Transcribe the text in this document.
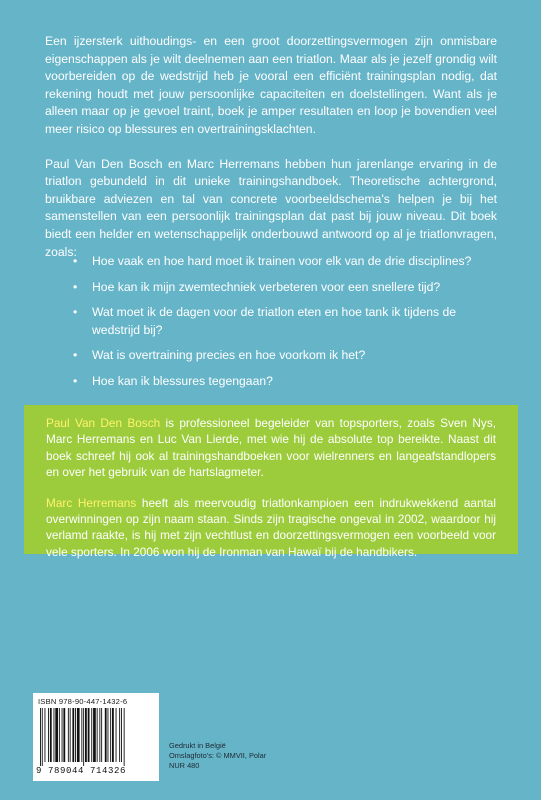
Een ijzersterk uithoudings- en een groot doorzettingsvermogen zijn onmisbare eigenschappen als je wilt deelnemen aan een triatlon. Maar als je jezelf grondig wilt voorbereiden op de wedstrijd heb je vooral een efficiënt trainingsplan nodig, dat rekening houdt met jouw persoonlijke capaciteiten en doelstellingen. Want als je alleen maar op je gevoel traint, boek je amper resultaten en loop je bovendien veel meer risico op blessures en overtrainingsklachten.

Paul Van Den Bosch en Marc Herremans hebben hun jarenlange ervaring in de triatlon gebundeld in dit unieke trainingshandboek. Theoretische achtergrond, bruikbare adviezen en tal van concrete voorbeeldschema's helpen je bij het samenstellen van een persoonlijk trainingsplan dat past bij jouw niveau. Dit boek biedt een helder en wetenschappelijk onderbouwd antwoord op al je triatlonvragen, zoals:

• Hoe vaak en hoe hard moet ik trainen voor elk van de drie disciplines?
• Hoe kan ik mijn zwemtechniek verbeteren voor een snellere tijd?
• Wat moet ik de dagen voor de triatlon eten en hoe tank ik tijdens de wedstrijd bij?
• Wat is overtraining precies en hoe voorkom ik het?
• Hoe kan ik blessures tegengaan?

Paul Van Den Bosch is professioneel begeleider van topsporters, zoals Sven Nys, Marc Herremans en Luc Van Lierde, met wie hij de absolute top bereikte. Naast dit boek schreef hij ook al trainingshandboeken voor wielrenners en langeafstandlopers en over het gebruik van de hartslagmeter.

Marc Herremans heeft als meervoudig triatlonkampioen een indrukwekkend aantal overwinningen op zijn naam staan. Sinds zijn tragische ongeval in 2002, waardoor hij verlamd raakte, is hij met zijn vechtlust en doorzettingsvermogen een voorbeeld voor vele sporters. In 2006 won hij de Ironman van Hawaï bij de handbikers.

ISBN 978-90-447-1432-6
9 789044 714326
Gedrukt in België
Omslagfoto's: © MMVII, Polar
NUR 480
